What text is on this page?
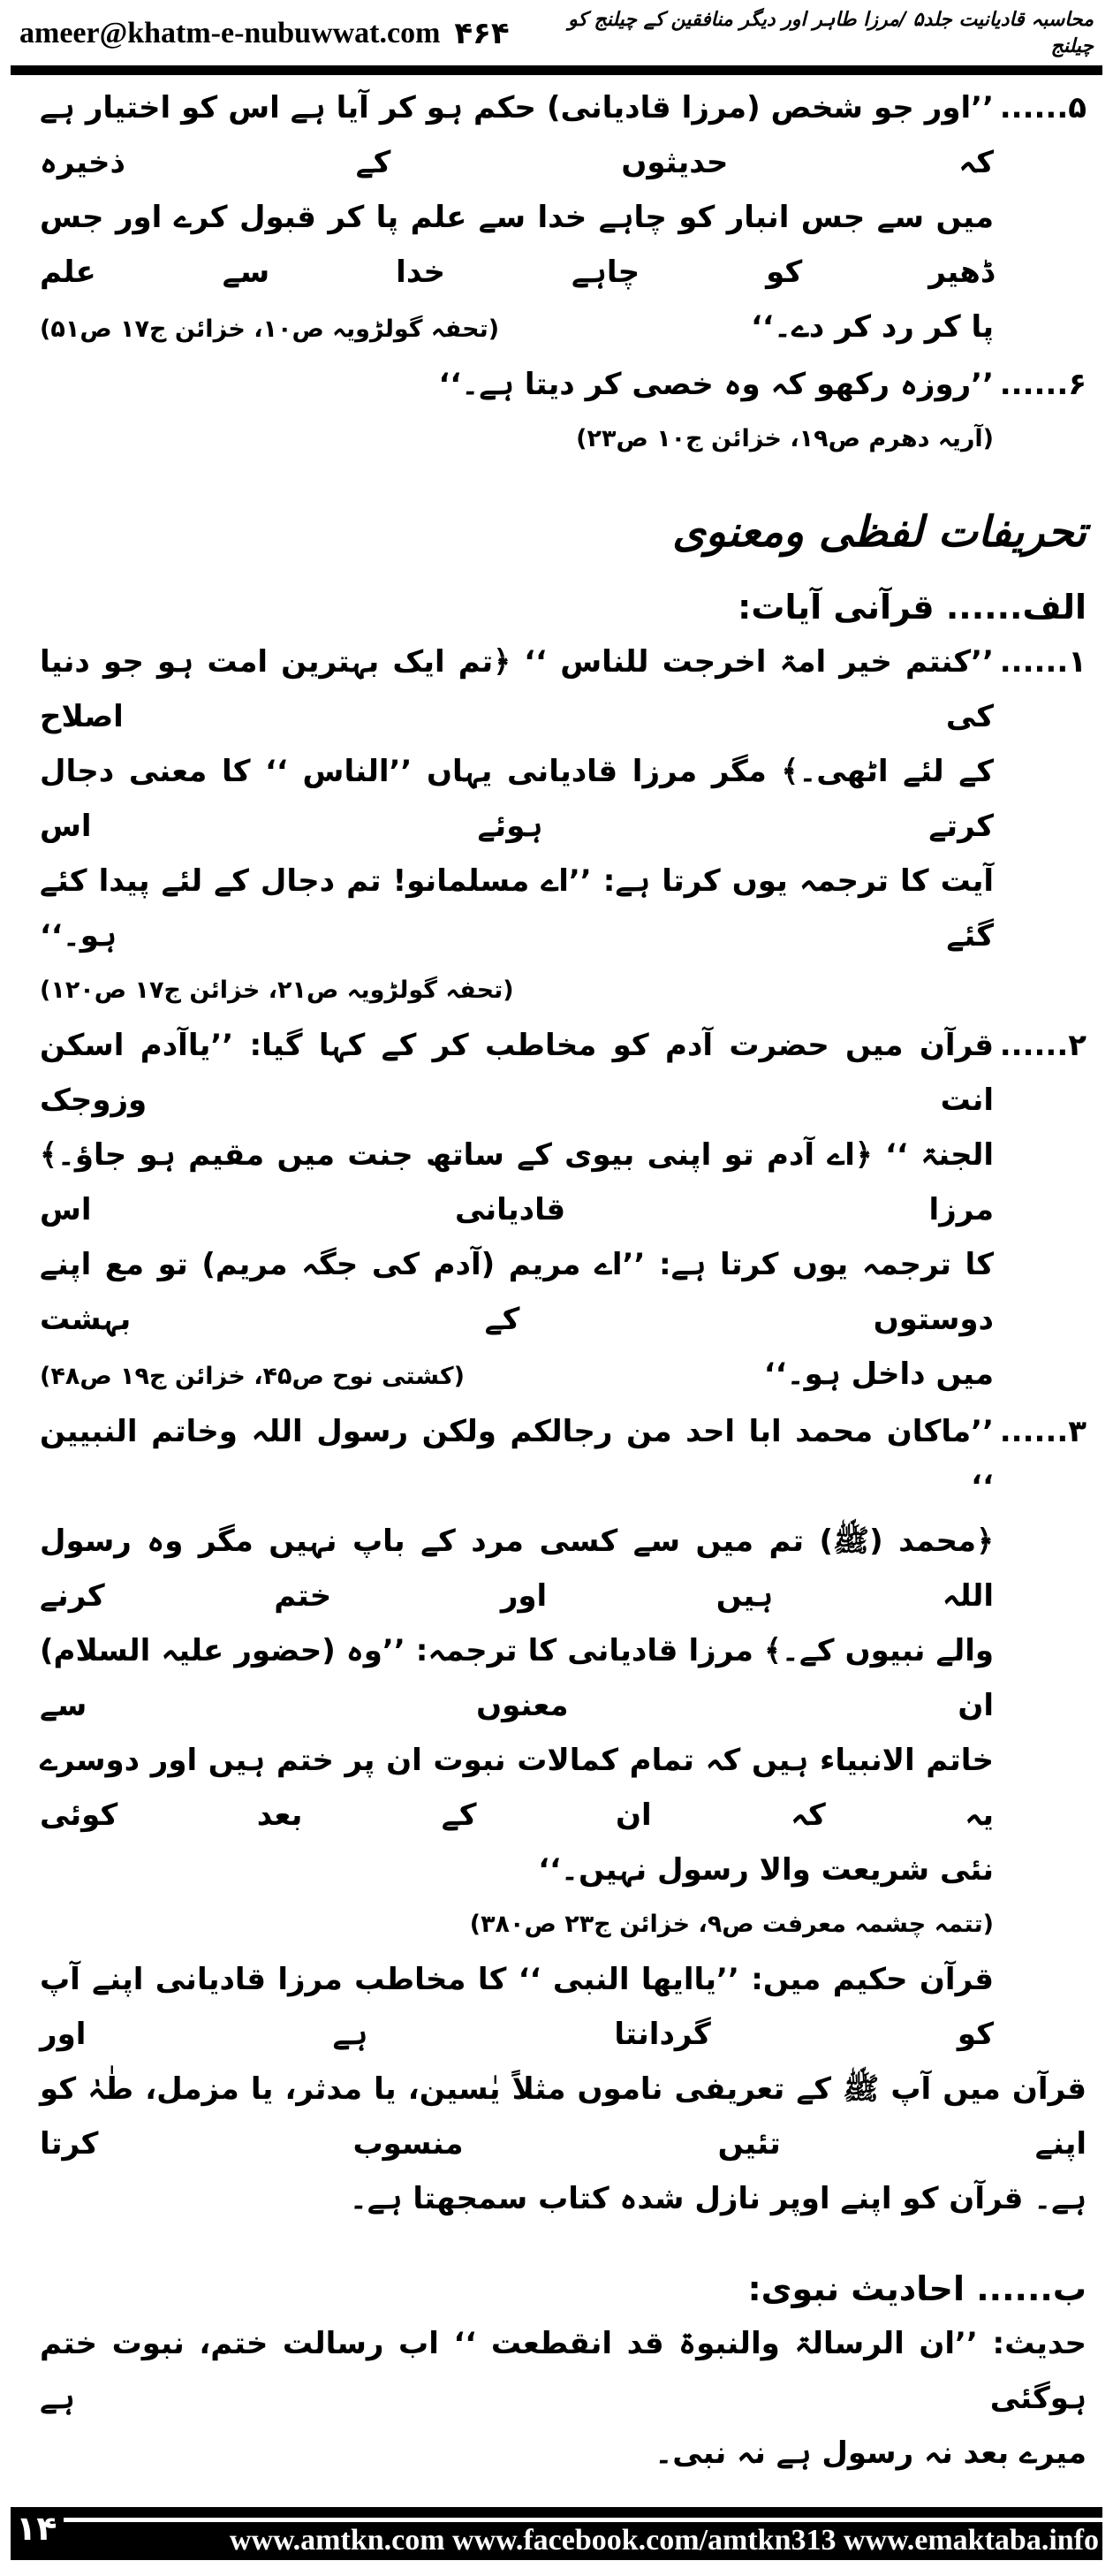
ameer@khatm-e-nubuwwat.com ۴۶۴	محاسبہ قادیانیت جلد۵ /مرزا طاہر اور دیگر منافقین کے چیلنج کو چیلنج
۵......
’’اور جو شخص (مرزا قادیانی) حکم ہو کر آیا ہے اس کو اختیار ہے کہ حدیثوں کے ذخیرہ
میں سے جس انبار کو چاہے خدا سے علم پا کر قبول کرے اور جس ڈھیر کو چاہے خدا سے علم
پا کر رد کر دے۔‘‘
(تحفہ گولڑویہ ص۱۰، خزائن ج۱۷ ص۵۱)
۶......
’’روزہ رکھو کہ وہ خصی کر دیتا ہے۔‘‘
(آریہ دھرم ص۱۹، خزائن ج۱۰ ص۲۳)
تحریفات لفظی ومعنوی
الف...... قرآنی آیات:
۱......
’’کنتم خیر امۃ اخرجت للناس ‘‘ ﴿تم ایک بہترین امت ہو جو دنیا کی اصلاح
کے لئے اٹھی۔﴾ مگر مرزا قادیانی یہاں ’’الناس ‘‘ کا معنی دجال کرتے ہوئے اس
آیت کا ترجمہ یوں کرتا ہے: ’’اے مسلمانو! تم دجال کے لئے پیدا کئے گئے ہو۔‘‘
(تحفہ گولڑویہ ص۲۱، خزائن ج۱۷ ص۱۲۰)
۲......
قرآن میں حضرت آدم کو مخاطب کر کے کہا گیا: ’’یاآدم اسکن انت وزوجک
الجنۃ ‘‘ ﴿اے آدم تو اپنی بیوی کے ساتھ جنت میں مقیم ہو جاؤ۔﴾ مرزا قادیانی اس
کا ترجمہ یوں کرتا ہے: ’’اے مریم (آدم کی جگہ مریم) تو مع اپنے دوستوں کے بہشت
میں داخل ہو۔‘‘
(کشتی نوح ص۴۵، خزائن ج۱۹ ص۴۸)
۳......
’’ماکان محمد ابا احد من رجالکم ولکن رسول اللہ وخاتم النبیین ‘‘
﴿محمد (ﷺ) تم میں سے کسی مرد کے باپ نہیں مگر وہ رسول اللہ ہیں اور ختم کرنے
والے نبیوں کے۔﴾ مرزا قادیانی کا ترجمہ: ’’وہ (حضور علیہ السلام) ان معنوں سے
خاتم الانبیاء ہیں کہ تمام کمالات نبوت ان پر ختم ہیں اور دوسرے یہ کہ ان کے بعد کوئی
نئی شریعت والا رسول نہیں۔‘‘
(تتمہ چشمہ معرفت ص۹، خزائن ج۲۳ ص۳۸۰)
قرآن حکیم میں: ’’یاایھا النبی ‘‘ کا مخاطب مرزا قادیانی اپنے آپ کو گردانتا ہے اور
قرآن میں آپ ﷺ کے تعریفی ناموں مثلاً یٰسین، یا مدثر، یا مزمل، طٰہٰ کو اپنے تئیں منسوب کرتا
ہے۔ قرآن کو اپنے اوپر نازل شدہ کتاب سمجھتا ہے۔
ب...... احادیث نبوی:
حدیث: ’’ان الرسالۃ والنبوۃ قد انقطعت ‘‘ اب رسالت ختم، نبوت ختم ہوگئی ہے
میرے بعد نہ رسول ہے نہ نبی۔
۱۴	www.amtkn.com www.facebook.com/amtkn313 www.emaktaba.info
